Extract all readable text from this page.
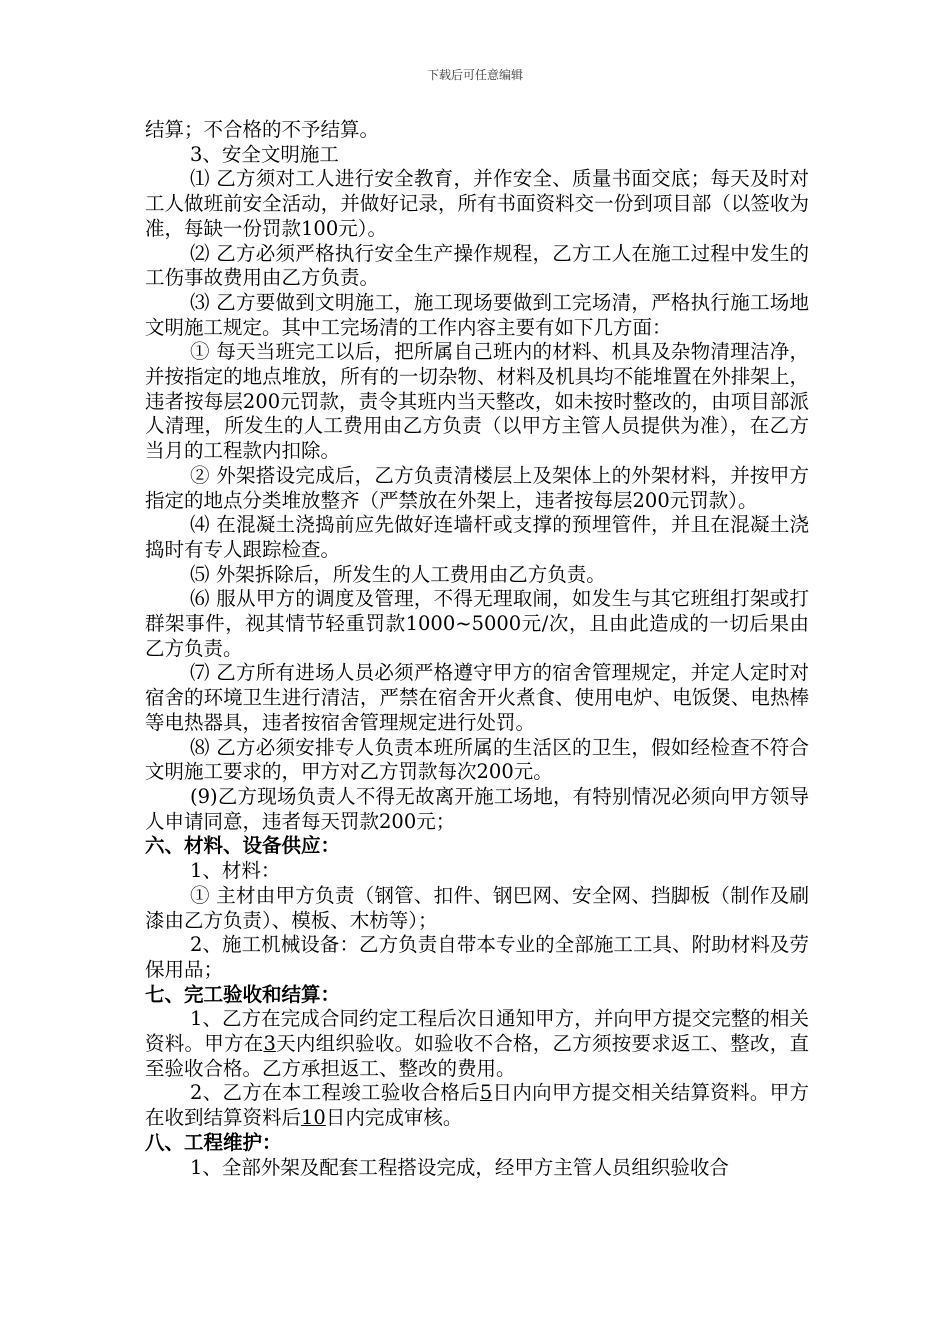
下载后可任意编辑

结算；不合格的不予结算。

3、安全文明施工

⑴ 乙方须对工人进行安全教育，并作安全、质量书面交底；每天及时对工人做班前安全活动，并做好记录，所有书面资料交一份到项目部（以签收为准，每缺一份罚款100元）。

⑵ 乙方必须严格执行安全生产操作规程，乙方工人在施工过程中发生的工伤事故费用由乙方负责。

⑶ 乙方要做到文明施工，施工现场要做到工完场清，严格执行施工场地文明施工规定。其中工完场清的工作内容主要有如下几方面：

① 每天当班完工以后，把所属自己班内的材料、机具及杂物清理洁净，并按指定的地点堆放，所有的一切杂物、材料及机具均不能堆置在外排架上，违者按每层200元罚款，责令其班内当天整改，如未按时整改的，由项目部派人清理，所发生的人工费用由乙方负责（以甲方主管人员提供为准），在乙方当月的工程款内扣除。

② 外架搭设完成后，乙方负责清楼层上及架体上的外架材料，并按甲方指定的地点分类堆放整齐（严禁放在外架上，违者按每层200元罚款）。

⑷ 在混凝土浇捣前应先做好连墙杆或支撑的预埋管件，并且在混凝土浇捣时有专人跟踪检查。

⑸ 外架拆除后，所发生的人工费用由乙方负责。

⑹ 服从甲方的调度及管理，不得无理取闹，如发生与其它班组打架或打群架事件，视其情节轻重罚款1000~5000元/次，且由此造成的一切后果由乙方负责。

⑺ 乙方所有进场人员必须严格遵守甲方的宿舍管理规定，并定人定时对宿舍的环境卫生进行清洁，严禁在宿舍开火煮食、使用电炉、电饭煲、电热棒等电热器具，违者按宿舍管理规定进行处罚。

⑻ 乙方必须安排专人负责本班所属的生活区的卫生，假如经检查不符合文明施工要求的，甲方对乙方罚款每次200元。

(9)乙方现场负责人不得无故离开施工场地，有特别情况必须向甲方领导人申请同意，违者每天罚款200元；

六、材料、设备供应：

1、材料：

① 主材由甲方负责（钢管、扣件、钢巴网、安全网、挡脚板（制作及刷漆由乙方负责）、模板、木枋等）；

2、施工机械设备：乙方负责自带本专业的全部施工工具、附助材料及劳保用品；

七、完工验收和结算：

1、乙方在完成合同约定工程后次日通知甲方，并向甲方提交完整的相关资料。甲方在3天内组织验收。如验收不合格，乙方须按要求返工、整改，直至验收合格。乙方承担返工、整改的费用。

2、乙方在本工程竣工验收合格后5日内向甲方提交相关结算资料。甲方在收到结算资料后10日内完成审核。

八、工程维护：

1、全部外架及配套工程搭设完成，经甲方主管人员组织验收合
